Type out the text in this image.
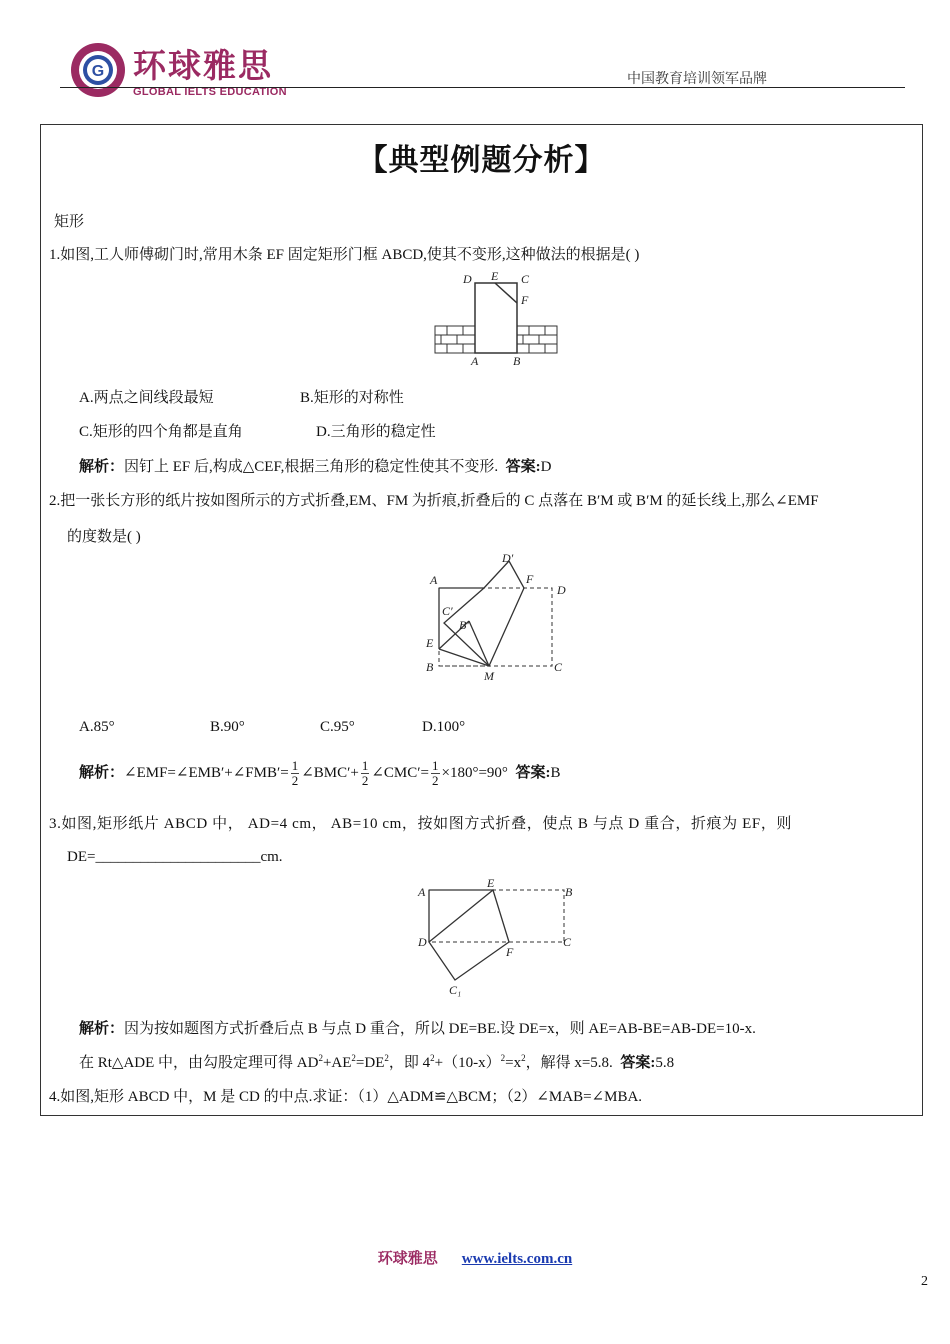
G 环球雅思
GLOBAL IELTS EDUCATION
中国教育培训领军品牌
【典型例题分析】
矩形
1.如图,工人师傅砌门时,常用木条 EF 固定矩形门框 ABCD,使其不变形,这种做法的根据是( )
D E C
F
A	B
A.两点之间线段最短	B.矩形的对称性
C.矩形的四个角都是直角	D.三角形的稳定性
解析：因钉上 EF 后,构成△CEF,根据三角形的稳定性使其不变形. 答案:D
2.把一张长方形的纸片按如图所示的方式折叠,EM、FM 为折痕,折叠后的 C 点落在 B′M 或 B′M 的延长线上,那么∠EMF
的度数是( )
D′
A	F
D
C′
B′
E
B
M
C
A.85°	B.90°	C.95°	D.100°
解析：∠EMF=∠EMB′+∠FMB′= $\frac{1}{2}$ ∠BMC′+ $\frac{1}{2}$ ∠CMC′= $\frac{1}{2} \times 180^\circ=90^\circ$ 答案:B
3.如图,矩形纸片 ABCD 中， AD=4 cm， AB=10 cm，按如图方式折叠，使点 B 与点 D 重合，折痕为 EF，则
DE=______________________cm.
A
E
B
D
F
C
C₁
解析：因为按如题图方式折叠后点 B 与点 D 重合，所以 DE=BE.设 DE=x，则 AE=AB-BE=AB-DE=10-x.
在 Rt△ADE 中，由勾股定理可得 $AD^2+AE^2=DE^2$，即 $4^2+(10-x)^2=x^2$，解得 x=5.8. 答案:5.8
4.如图,矩形 ABCD 中，M 是 CD 的中点.求证：（1）△ADM≌△BCM；（2）∠MAB=∠MBA.
环球雅思 www.ielts.com.cn
2
